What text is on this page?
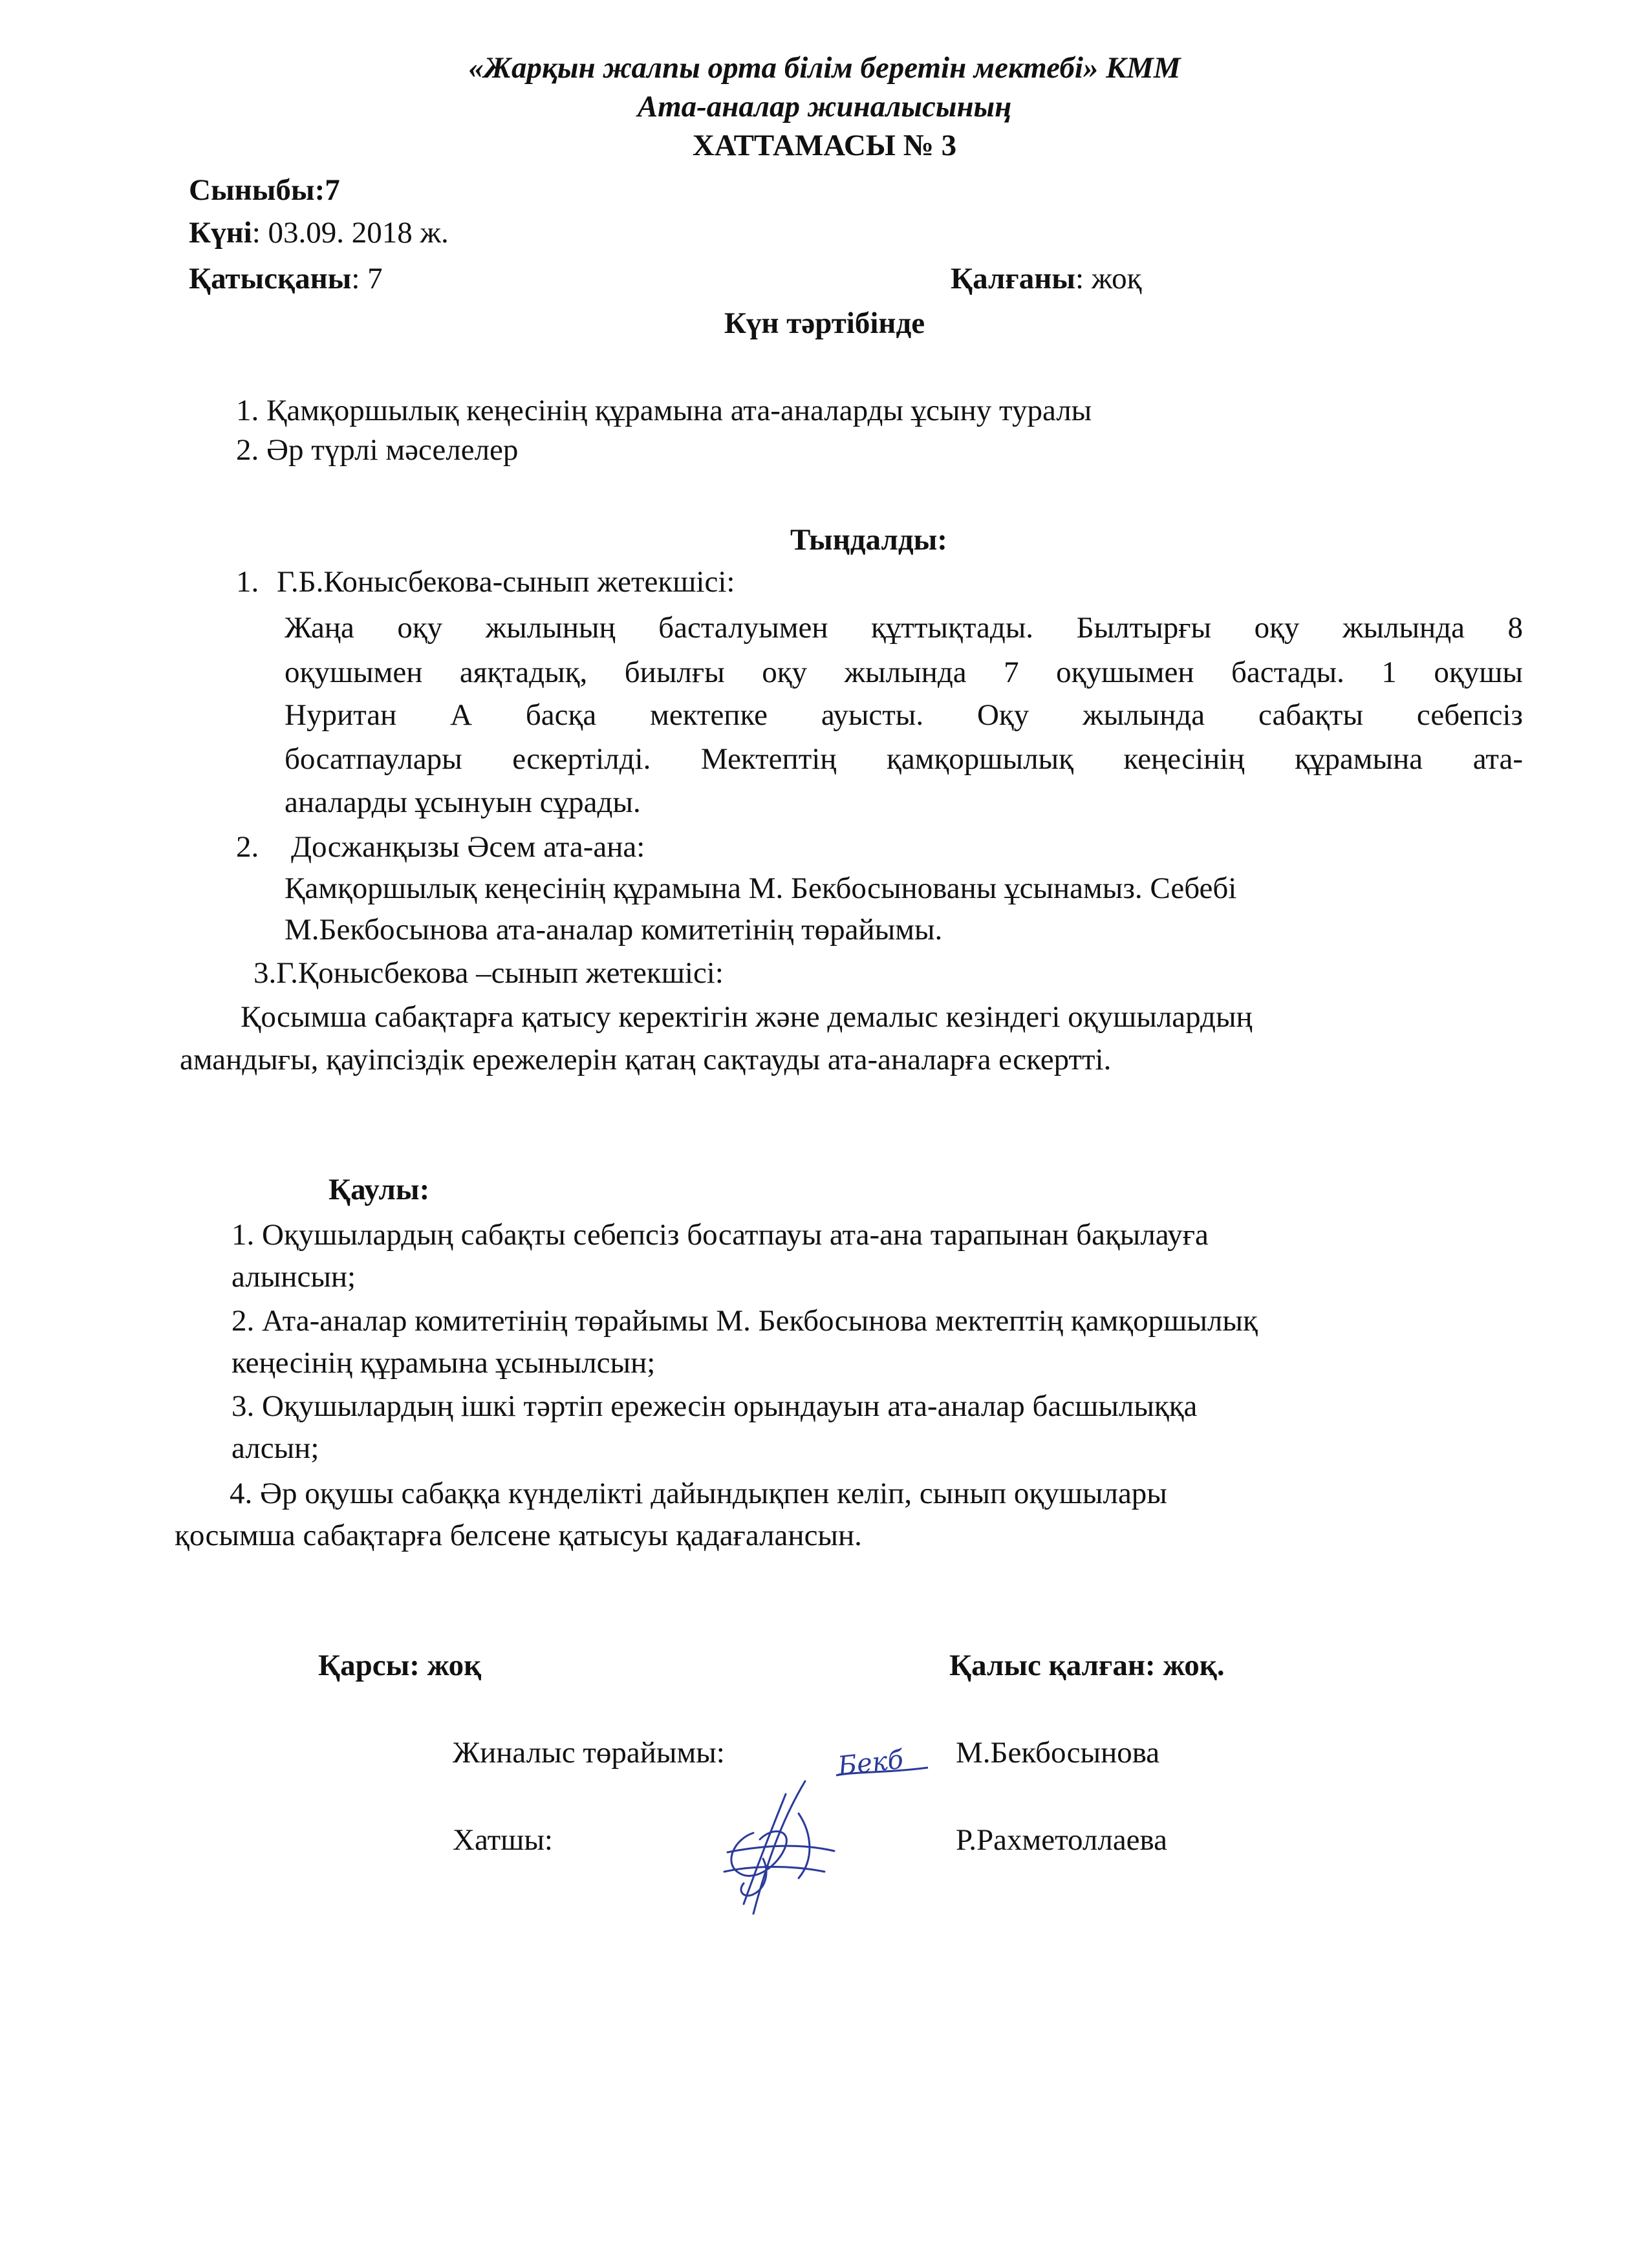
«Жарқын жалпы орта білім беретін мектебі» КММ
Ата-аналар жиналысының
ХАТТАМАСЫ № 3
Сыныбы:7
Күні: 03.09. 2018 ж.
Қатысқаны: 7	Қалғаны: жоқ
Күн тәртібінде
1. Қамқоршылық кеңесінің құрамына ата-аналарды ұсыну туралы
2. Әр түрлі мәселелер
Тыңдалды:
1. Г.Б.Конысбекова-сынып жетекшісі:
Жаңа оқу жылының басталуымен құттықтады. Былтырғы оқу жылында 8
оқушымен аяқтадық, биылғы оқу жылында 7 оқушымен бастады. 1 оқушы
Нуритан А басқа мектепке ауысты. Оқу жылында сабақты себепсіз
босатпаулары ескертілді. Мектептің қамқоршылық кеңесінің құрамына ата-
аналарды ұсынуын сұрады.
2. Досжанқызы Әсем ата-ана:
Қамқоршылық кеңесінің құрамына М. Бекбосынованы ұсынамыз. Себебі
М.Бекбосынова ата-аналар комитетінің төрайымы.
3.Г.Қонысбекова –сынып жетекшісі:
Қосымша сабақтарға қатысу керектігін және демалыс кезіндегі оқушылардың
амандығы, қауіпсіздік ережелерін қатаң сақтауды ата-аналарға ескертті.
Қаулы:
1. Оқушылардың сабақты себепсіз босатпауы ата-ана тарапынан бақылауға
алынсын;
2. Ата-аналар комитетінің төрайымы М. Бекбосынова мектептің қамқоршылық
кеңесінің құрамына ұсынылсын;
3. Оқушылардың ішкі тәртіп ережесін орындауын ата-аналар басшылыққа
алсын;
4. Әр оқушы сабаққа күнделікті дайындықпен келіп, сынып оқушылары
қосымша сабақтарға белсене қатысуы қадағалансын.
Қарсы: жоқ	Қалыс қалған: жоқ.
Жиналыс төрайымы:	Бекб М.Бекбосынова
Хатшы:	Р.Рахметоллаева
